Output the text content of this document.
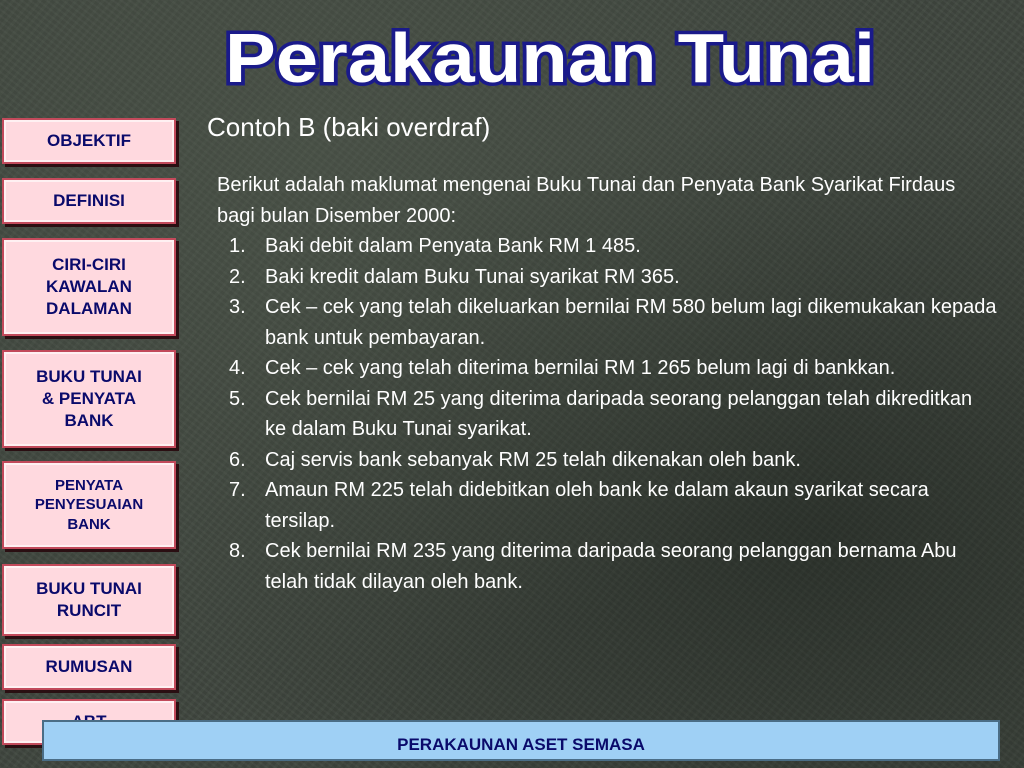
Perakaunan Tunai
OBJEKTIF
DEFINISI
CIRI-CIRI
KAWALAN
DALAMAN
BUKU TUNAI
& PENYATA
BANK
PENYATA
PENYESUAIAN
BANK
BUKU TUNAI
RUNCIT
RUMUSAN
Contoh B (baki overdraf)

Berikut adalah maklumat mengenai Buku Tunai dan Penyata Bank Syarikat Firdaus bagi bulan Disember 2000:

1. Baki debit dalam Penyata Bank RM 1 485.
2. Baki kredit dalam Buku Tunai syarikat RM 365.
3. Cek – cek yang telah dikeluarkan bernilai RM 580 belum lagi dikemukakan kepada bank untuk pembayaran.
4. Cek – cek yang telah diterima bernilai RM 1 265 belum lagi di bankkan.
5. Cek bernilai RM 25 yang diterima daripada seorang pelanggan telah dikreditkan ke dalam Buku Tunai syarikat.
6. Caj servis bank sebanyak RM 25 telah dikenakan oleh bank.
7. Amaun RM 225 telah didebitkan oleh bank ke dalam akaun syarikat secara tersilap.
8. Cek bernilai RM 235 yang diterima daripada seorang pelanggan bernama Abu telah tidak dilayan oleh bank.
PERAKAUNAN ASET SEMASA
